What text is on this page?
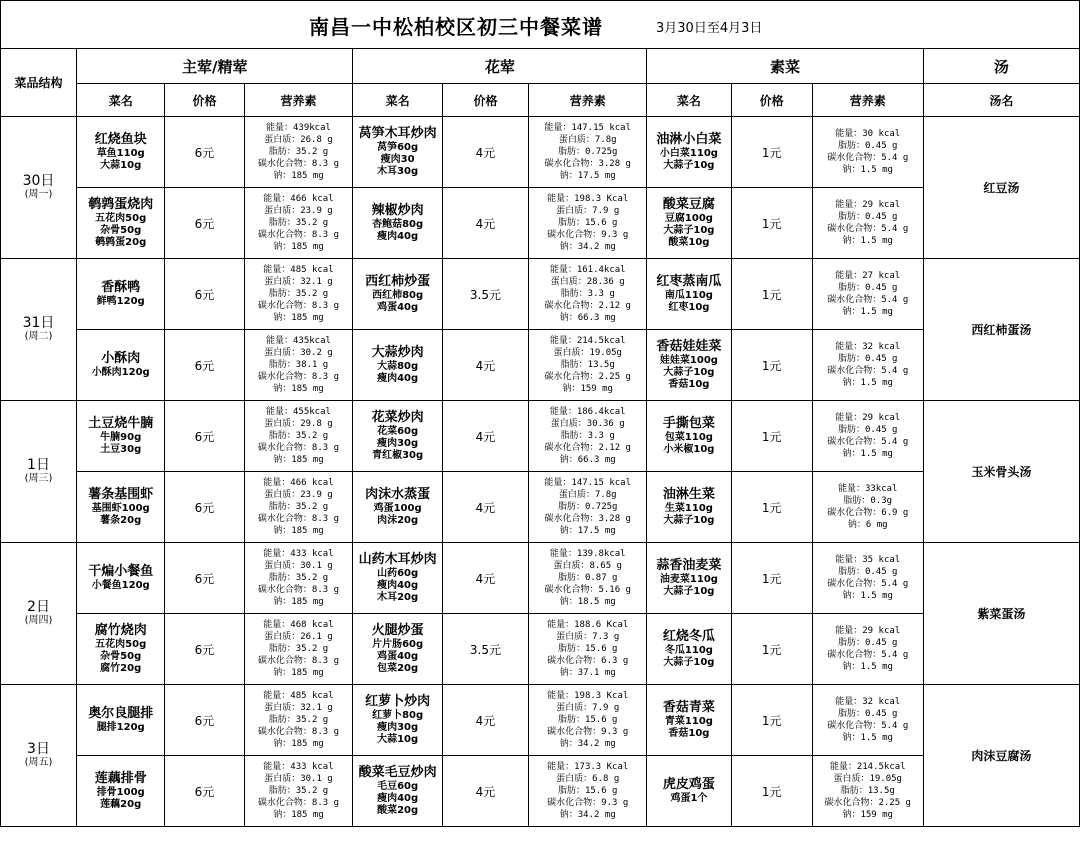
南昌一中松柏校区初三中餐菜谱	3月30日至4月3日
菜品结构	主荤/精荤			花荤			素菜			汤
	菜名	价格	营养素	菜名	价格	营养素	菜名	价格	营养素	汤名

30日
(周一)	红烧鱼块
草鱼110g
大蒜10g	6元	能量：439kcal
蛋白质：26.8 g
脂肪：35.2 g
碳水化合物：8.3 g
钠：185 mg	莴笋木耳炒肉
莴笋60g
瘦肉30
木耳30g	4元	能量：147.15 kcal
蛋白质：7.8g
脂肪：0.725g
碳水化合物：3.28 g
钠：17.5 mg	油淋小白菜
小白菜110g
大蒜子10g	1元	能量：30 kcal
脂肪：0.45 g
碳水化合物：5.4 g
钠：1.5 mg	红豆汤

	鹌鹑蛋烧肉
五花肉50g
杂骨50g
鹌鹑蛋20g	6元	能量：466 kcal
蛋白质：23.9 g
脂肪：35.2 g
碳水化合物：8.3 g
钠：185 mg	辣椒炒肉
杏鲍菇80g
瘦肉40g	4元	能量：198.3 Kcal
蛋白质：7.9 g
脂肪：15.6 g
碳水化合物：9.3 g
钠：34.2 mg	酸菜豆腐
豆腐100g
大蒜子10g
酸菜10g	1元	能量：29 kcal
脂肪：0.45 g
碳水化合物：5.4 g
钠：1.5 mg	

31日
(周二)	香酥鸭
鲜鸭120g	6元	能量：485 kcal
蛋白质：32.1 g
脂肪：35.2 g
碳水化合物：8.3 g
钠：185 mg	西红柿炒蛋
西红柿80g
鸡蛋40g	3.5元	能量：161.4kcal
蛋白质：28.36 g
脂肪：3.3 g
碳水化合物：2.12 g
钠：66.3 mg	红枣蒸南瓜
南瓜110g
红枣10g	1元	能量：27 kcal
脂肪：0.45 g
碳水化合物：5.4 g
钠：1.5 mg	西红柿蛋汤

	小酥肉
小酥肉120g	6元	能量：435kcal
蛋白质：30.2 g
脂肪：38.1 g
碳水化合物：8.3 g
钠：185 mg	大蒜炒肉
大蒜80g
瘦肉40g	4元	能量：214.5kcal
蛋白质：19.05g
脂肪：13.5g
碳水化合物：2.25 g
钠：159 mg	香菇娃娃菜
娃娃菜100g
大蒜子10g
香菇10g	1元	能量：32 kcal
脂肪：0.45 g
碳水化合物：5.4 g
钠：1.5 mg	

1日
(周三)	土豆烧牛腩
牛腩90g
土豆30g	6元	能量：455kcal
蛋白质：29.8 g
脂肪：35.2 g
碳水化合物：8.3 g
钠：185 mg	花菜炒肉
花菜60g
瘦肉30g
青红椒30g	4元	能量：186.4kcal
蛋白质：30.36 g
脂肪：3.3 g
碳水化合物：2.12 g
钠：66.3 mg	手撕包菜
包菜110g
小米椒10g	1元	能量：29 kcal
脂肪：0.45 g
碳水化合物：5.4 g
钠：1.5 mg	玉米骨头汤

	薯条基围虾
基围虾100g
薯条20g	6元	能量：466 kcal
蛋白质：23.9 g
脂肪：35.2 g
碳水化合物：8.3 g
钠：185 mg	肉沫水蒸蛋
鸡蛋100g
肉沫20g	4元	能量：147.15 kcal
蛋白质：7.8g
脂肪：0.725g
碳水化合物：3.28 g
钠：17.5 mg	油淋生菜
生菜110g
大蒜子10g	1元	能量：33kcal
脂肪：0.3g
碳水化合物：6.9 g
钠：6 mg	

2日
(周四)	干煸小餐鱼
小餐鱼120g	6元	能量：433 kcal
蛋白质：30.1 g
脂肪：35.2 g
碳水化合物：8.3 g
钠：185 mg	山药木耳炒肉
山药60g
瘦肉40g
木耳20g	4元	能量：139.8kcal
蛋白质：8.65 g
脂肪：0.87 g
碳水化合物：5.16 g
钠：18.5 mg	蒜香油麦菜
油麦菜110g
大蒜子10g	1元	能量：35 kcal
脂肪：0.45 g
碳水化合物：5.4 g
钠：1.5 mg	紫菜蛋汤

	腐竹烧肉
五花肉50g
杂骨50g
腐竹20g	6元	能量：468 kcal
蛋白质：26.1 g
脂肪：35.2 g
碳水化合物：8.3 g
钠：185 mg	火腿炒蛋
片片肠60g
鸡蛋40g
包菜20g	3.5元	能量：188.6 Kcal
蛋白质：7.3 g
脂肪：15.6 g
碳水化合物：6.3 g
钠：37.1 mg	红烧冬瓜
冬瓜110g
大蒜子10g	1元	能量：29 kcal
脂肪：0.45 g
碳水化合物：5.4 g
钠：1.5 mg	

3日
(周五)	奥尔良腿排
腿排120g	6元	能量：485 kcal
蛋白质：32.1 g
脂肪：35.2 g
碳水化合物：8.3 g
钠：185 mg	红萝卜炒肉
红萝卜80g
瘦肉30g
大蒜10g	4元	能量：198.3 Kcal
蛋白质：7.9 g
脂肪：15.6 g
碳水化合物：9.3 g
钠：34.2 mg	香菇青菜
青菜110g
香菇10g	1元	能量：32 kcal
脂肪：0.45 g
碳水化合物：5.4 g
钠：1.5 mg	肉沫豆腐汤

	莲藕排骨
排骨100g
莲藕20g	6元	能量：433 kcal
蛋白质：30.1 g
脂肪：35.2 g
碳水化合物：8.3 g
钠：185 mg	酸菜毛豆炒肉
毛豆60g
瘦肉40g
酸菜20g	4元	能量：173.3 Kcal
蛋白质：6.8 g
脂肪：15.6 g
碳水化合物：9.3 g
钠：34.2 mg	虎皮鸡蛋
鸡蛋1个	1元	能量：214.5kcal
蛋白质：19.05g
脂肪：13.5g
碳水化合物：2.25 g
钠：159 mg	
